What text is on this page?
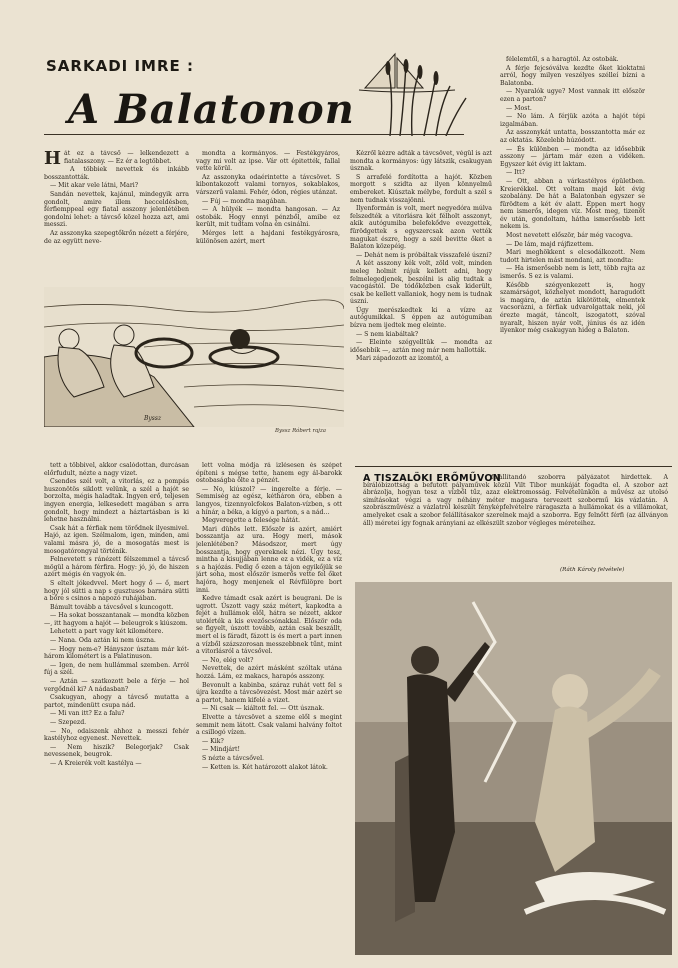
SARKADI IMRE :
A Balatonon

Hát ez a távcső — lelkendezett a fiatalasszony. — Ez ér a legtöbbet.

A többiek nevettek és inkább bosszantották.

— Mit akar vele látni, Mari?

Sandán nevettek, kajánul, mindegyik arra gondolt, amire illem hecceldésben, férfiemppeal egy fiatal asszony jelenlétében gondolni lehet: a távcső közel hozza azt, ami messzi.

Az asszonyka szepegtőkrőn nézett a férjére, de az együtt neve-

mondta a kormányos. — Festékgyáros, vagy mi volt az ipse. Vár ott épitették, fallal vette körül.

Az asszonyka odaérintette a távcsövet. S kibontakozott valami tornyos, sokablakos, várszerű valami. Fehér, ódon, régies utánzat.

— Fúj — mondta magában.

— A hülyék — mondta hangosan. — Az ostobák. Hogy ennyi pénzből, amibe ez került, mit tudtam volna én csinálni.

Mérges lett a hajdani festékgyárosra, különösen azért, mert

Byssz
Byssz Róbert rajza

Kézről kézre adták a távcsövet, végül is azt mondta a kormányos: úgy látszik, csakugyan úsznak.

S arrafelé fordította a hajót. Közben morgott s szidta az ilyen könnyelmű embereket. Kiúsztak mélybe, fordult a szél s nem tudnak visszajönni.

Ilyenformán is volt, mert negyedóra múlva felszedték a vitorlásra két félholt asszonyt, akik autógumiba belefekődve evezgettek, fürödgettek s egyszercsak azon vették magukat észre, hogy a szél bevitte őket a Balaton közepéig.

— Dehát nem is próbáltak visszafelé úszni?

A két asszony kék volt, zöld volt, minden meleg holmit rájuk kellett adni, hogy felmelegedjenek, beszélni is alig tudtak a vacogástól. De tódőközben csak kiderült, csak be kellett vallaniok, hogy nem is tudnak úszni.

Úgy merészkedtek ki a vízre az autógumikkal. S éppen az autógumiban bízva nem ijedtek meg eleinte.

— S nem kiabáltak?

— Eleinte szégyelltük — mondta az idősebbik —, aztán meg már nem hallották.

Mari západozott az izomtól, a

félelemtől, s a haragtól. Az ostobák.

A férje fejcsóválva kezdte őket kioktatni arról, hogy milyen veszélyes szélleí bízni a Balatonba.

— Nyaralók ugye? Most vannak itt először ezen a parton?

— Most.

— No lám. A férjük azóta a hajót tépi izgalmában.

Az asszonykát untatta, bosszantotta már ez az oktatás. Közelebb húzódott.

— És különben — mondta az idősebbik asszony — jártam már ezen a vidéken. Egyszer két évig itt laktam.

— Itt?

— Ott, abban a várkastélyos épületben. Kreierékkel. Ott voltam majd két évig szobalány. De hát a Balatonban egyszer se fürödtem a két év alatt. Éppen mert hogy nem ismerős, idegen víz. Most meg, tizenöt év után, gondoltam, hátha ismerősebb lett nekem is.

Most nevetett először, bár még vacogva.

— De lám, majd rájfizettem.

Mari meghökkent s elcsodálkozott. Nem tudott hirtelen mást mondani, azt mondta:

— Ha ismerősebb nem is lett, több rajta az ismerős. S ez is valami.

Később szégyenkezett is, hogy szamárságot, közhelyet mondott, haragudott is magára, de aztán kikötöttek, elmentek vacsorázni, a férfiak udvarolgattak neki, jól érezte magát, táncolt, iszogatott, szóval nyaralt, hiszen nyár volt, június és az idén ilyenkor még csakugyan hideg a Balaton.

tett a többivel, akkor csalódottan, durcásan előrfudult, nézte a nagy vizet.

Csendes szél volt, a vitorlás, ez a pompás huszonötös siklott velünk, a szél a hajót se borzolta, mégis haladtak. Ingyen erő, teljesen ingyen energia, lelkesedett magában s arra gondolt, hogy mindezt a háztartásban is ki lehetne használni.

Csak hát a férfiak nem törődnek ilyesmivel. Hajó, az igen. Szélmalom, igen, minden, ami valami másra jó, de a mosogatás mest is mosogatórongyal történik.

Felnevetett s ránézett félszemmel a távcső mögül a három férfira. Hogy: jó, jó, de hiszen azért mégis én vagyok én.

S eltelt jókedvvel. Mert hogy ő — ő, mert hogy jól sütti a nap s gusztusos barnára sütti a bőre s csinos a napozó ruhájában.

Bámult tovább a távcsővel s kuncogott.

— Ha sokat bosszantanak — mondta közben —, itt hagyom a hajót — beleugrok s kiúszom.

Lehetett a part vagy két kilométere.

— Nana. Oda aztán ki nem úszna.

— Hogy nem-e? Hányszor úsztam már két-három kilométert is a Palatinuson.

— Igen, de nem hullámmal szemben. Arról fúj a szél.

— Aztán — szatkozott bele a férje — hol vergődnél ki? A nádasban?

Csakugyan, ahogy a távcső mutatta a partot, mindenütt csupa nád.

— Mi van itt? Ez a falu?

— Szepezd.

— No, odaiszenk ahhoz a messzi fehér kastélyhoz egyenest. Nevettek.

— Nem hiszik? Belegorjak? Csak nevessenek, beugrok.

— A Kreierék volt kastélya —

lett volna módja rá izlésesen és szépet építeni s mégse tette, hanem egy ál-barokk ostobaságba ölte a pénzét.

— No, kiúszol? — ingerelte a férje. — Semmiség az egész, kétháron óra, ebben a langyos, tizennyolcfokos Balaton-vízben, s ott a hínár, a béka, a kígyó a parton, s a nád…

Megveregette a felesége hátát.

Mari dühös lett. Először is azért, amiért bosszantja az ura. Hogy meri, mások jelenlétében? Másodszor, mert úgy bosszantja, hogy gyereknek nézi. Úgy tesz, mintha a kisujjában lenne ez a vidék, ez a víz s a hajózás. Pedig ő ezen a tájon egyikőjük se járt soha, most először ismerős vette fel őket hajóra, hogy menjenek el Révfülöpre bort inni.

Kedve támadt csak azért is beugrani. De is ugrott. Úszott vagy száz métert, kapkodta a fejét a hullámok elől, hátra se nézett, akkor utolérték a kis evezőscsónakkal. Először oda se figyelt, úszott tovább, aztán csak beszállt, mert el is fáradt, fázott is és mert a part innen a vízből százszorosan messzebbnek tűnt, mint a vitorlásról a távcsővel.

— No, elég volt?

Nevettek, de azért másként szóltak utána hozzá. Lám, ez makacs, harapós asszony.

Bevonult a kabinba, száraz ruhát vett fel s újra kezdte a távcsövezést. Most már azért se a partot, hanem kifelé a vizet.

— Ni csak — kiáltott fel. — Ott úsznak.

Elvette a távcsövet a szeme elől s megint semmit nem látott. Csak valami halvány foltot a csillogó vízen.

— Kik?

— Mindjárt!

S nézte a távcsővel.

— Ketten is. Két határozott alakot látok.

A TISZALÖKI ERŐMŰVON
felállítandó szoborra pályázatot hirdettek. A bírálóbizottság a befutott pályaművek közül Vilt Tibor munkáját fogadta el. A szobor azt ábrázolja, hogyan tesz a vízből tűz, azaz elektromosság. Felvételünkön a művész az utolsó simításokat végzi a vagy néhány méter magasra tervezett szobormű kis vázlatán. A szobrászművész a vázlatról készült fényképfelvételre ráragaszta a hullámokat és a villámokat, amelyeket csak a szobor felállításakor szerelnek majd a szoborra. Egy felnőtt férfi (az állványon áll) méretei így fognak arányiani az elkészült szobor végleges méreteihez.
(Ráth Károly felvétele)
